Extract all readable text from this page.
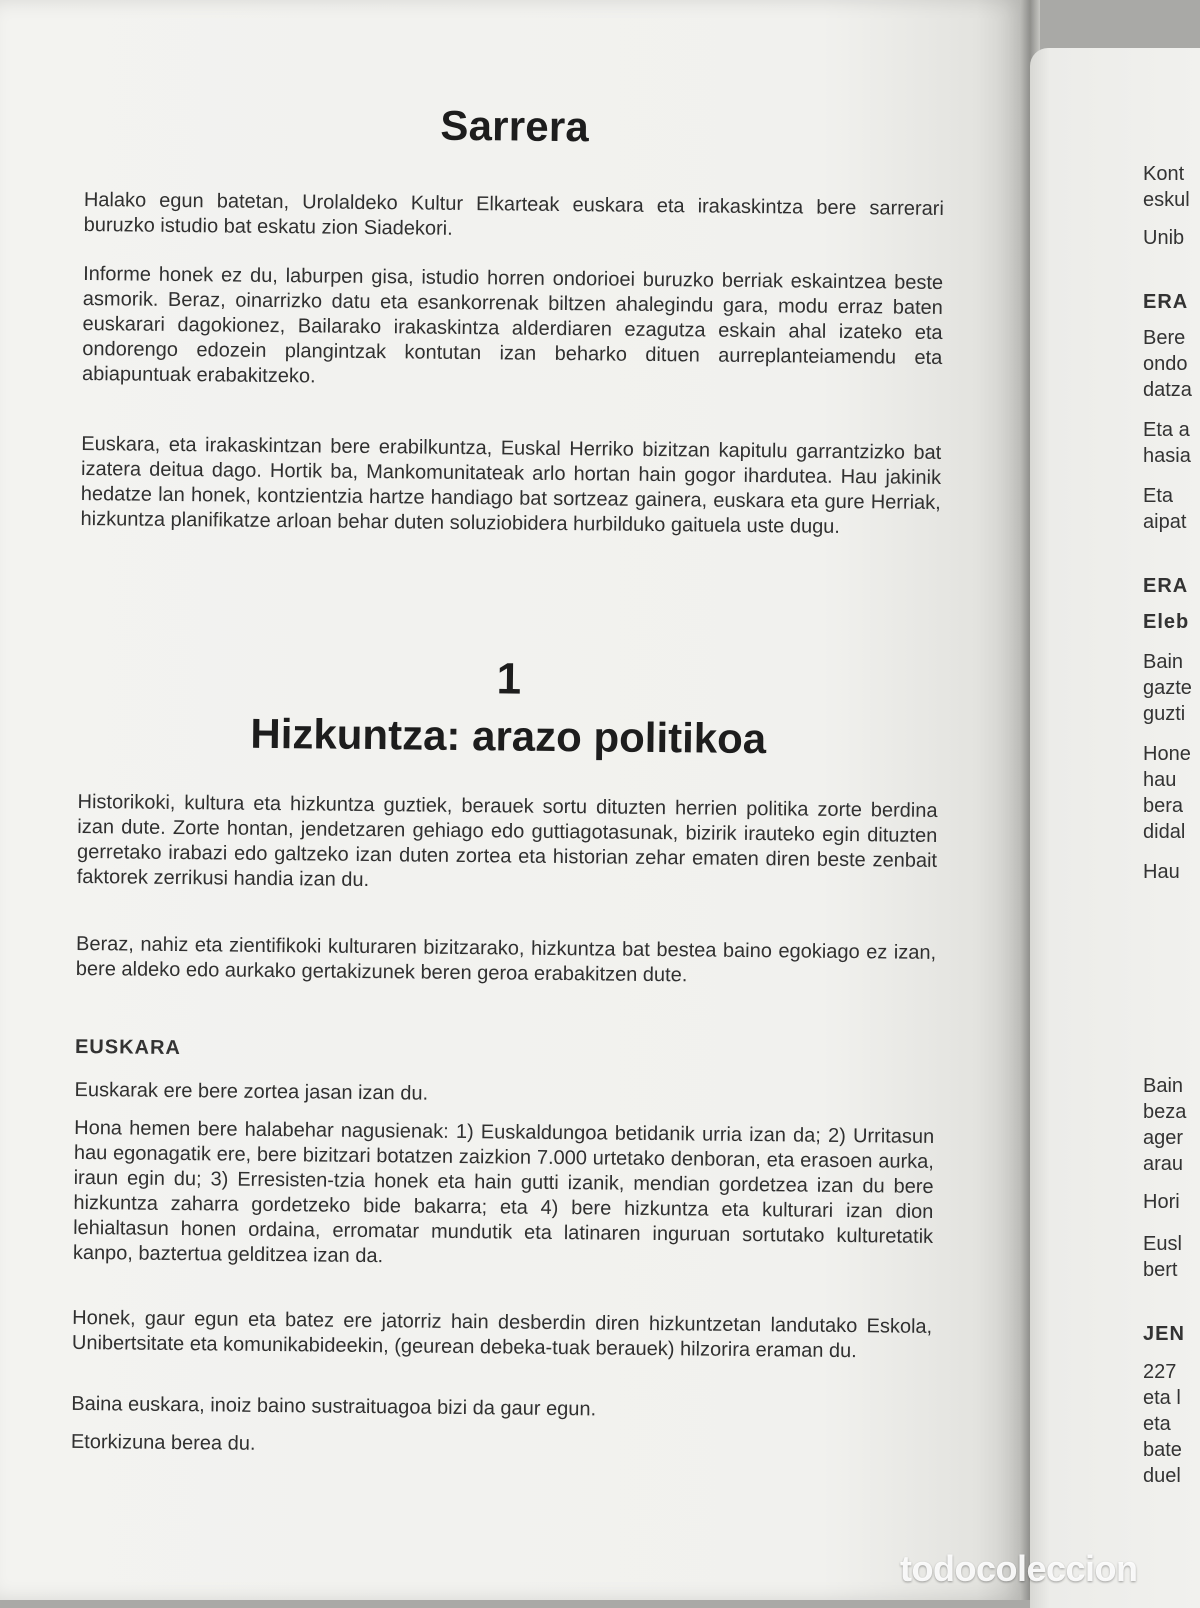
Sarrera

Halako egun batetan, Urolaldeko Kultur Elkarteak euskara eta irakaskintza bere sarrerari buruzko istudio bat eskatu zion Siadekori.

Informe honek ez du, laburpen gisa, istudio horren ondorioei buruzko berriak eskaintzea beste asmorik. Beraz, oinarrizko datu eta esankorrenak biltzen ahalegindu gara, modu erraz baten euskarari dagokionez, Bailarako irakaskintza alderdiaren ezagutza eskain ahal izateko eta ondorengo edozein plangintzak kontutan izan beharko dituen aurreplanteiamendu eta abiapuntuak erabakitzeko.

Euskara, eta irakaskintzan bere erabilkuntza, Euskal Herriko bizitzan kapitulu garrantzizko bat izatera deitua dago. Hortik ba, Mankomunitateak arlo hortan hain gogor ihardutea. Hau jakinik hedatze lan honek, kontzientzia hartze handiago bat sortzeaz gainera, euskara eta gure Herriak, hizkuntza planifikatze arloan behar duten soluziobidera hurbilduko gaituela uste dugu.

1
Hizkuntza: arazo politikoa

Historikoki, kultura eta hizkuntza guztiek, berauek sortu dituzten herrien politika zorte berdina izan dute. Zorte hontan, jendetzaren gehiago edo guttiagotasunak, bizirik irauteko egin dituzten gerretako irabazi edo galtzeko izan duten zortea eta historian zehar ematen diren beste zenbait faktorek zerrikusi handia izan du.

Beraz, nahiz eta zientifikoki kulturaren bizitzarako, hizkuntza bat bestea baino egokiago ez izan, bere aldeko edo aurkako gertakizunek beren geroa erabakitzen dute.

EUSKARA

Euskarak ere bere zortea jasan izan du.

Hona hemen bere halabehar nagusienak: 1) Euskaldungoa betidanik urria izan da; 2) Urritasun hau egonagatik ere, bere bizitzari botatzen zaizkion 7.000 urtetako denboran, eta erasoen aurka, iraun egin du; 3) Erresisten-tzia honek eta hain gutti izanik, mendian gordetzea izan du bere hizkuntza zaharra gordetzeko bide bakarra; eta 4) bere hizkuntza eta kulturari izan dion lehialtasun honen ordaina, erromatar mundutik eta latinaren inguruan sortutako kulturetatik kanpo, baztertua gelditzea izan da.

Honek, gaur egun eta batez ere jatorriz hain desberdin diren hizkuntzetan landutako Eskola, Unibertsitate eta komunikabideekin, (geurean debeka-tuak berauek) hilzorira eraman du.

Baina euskara, inoiz baino sustraituagoa bizi da gaur egun.

Etorkizuna berea du.

Kont
eskul
Unib
ERA
Bere
ondo
datza
Eta a
hasia
Eta
aipat
ERA
Eleb
Bain
gazte
guzti
Hone
hau
bera
didal
Hau
Bain
beza
ager
arau
Hori
Eusl
bert
JEN
227
eta l
eta
bate
duel
todocoleccion
